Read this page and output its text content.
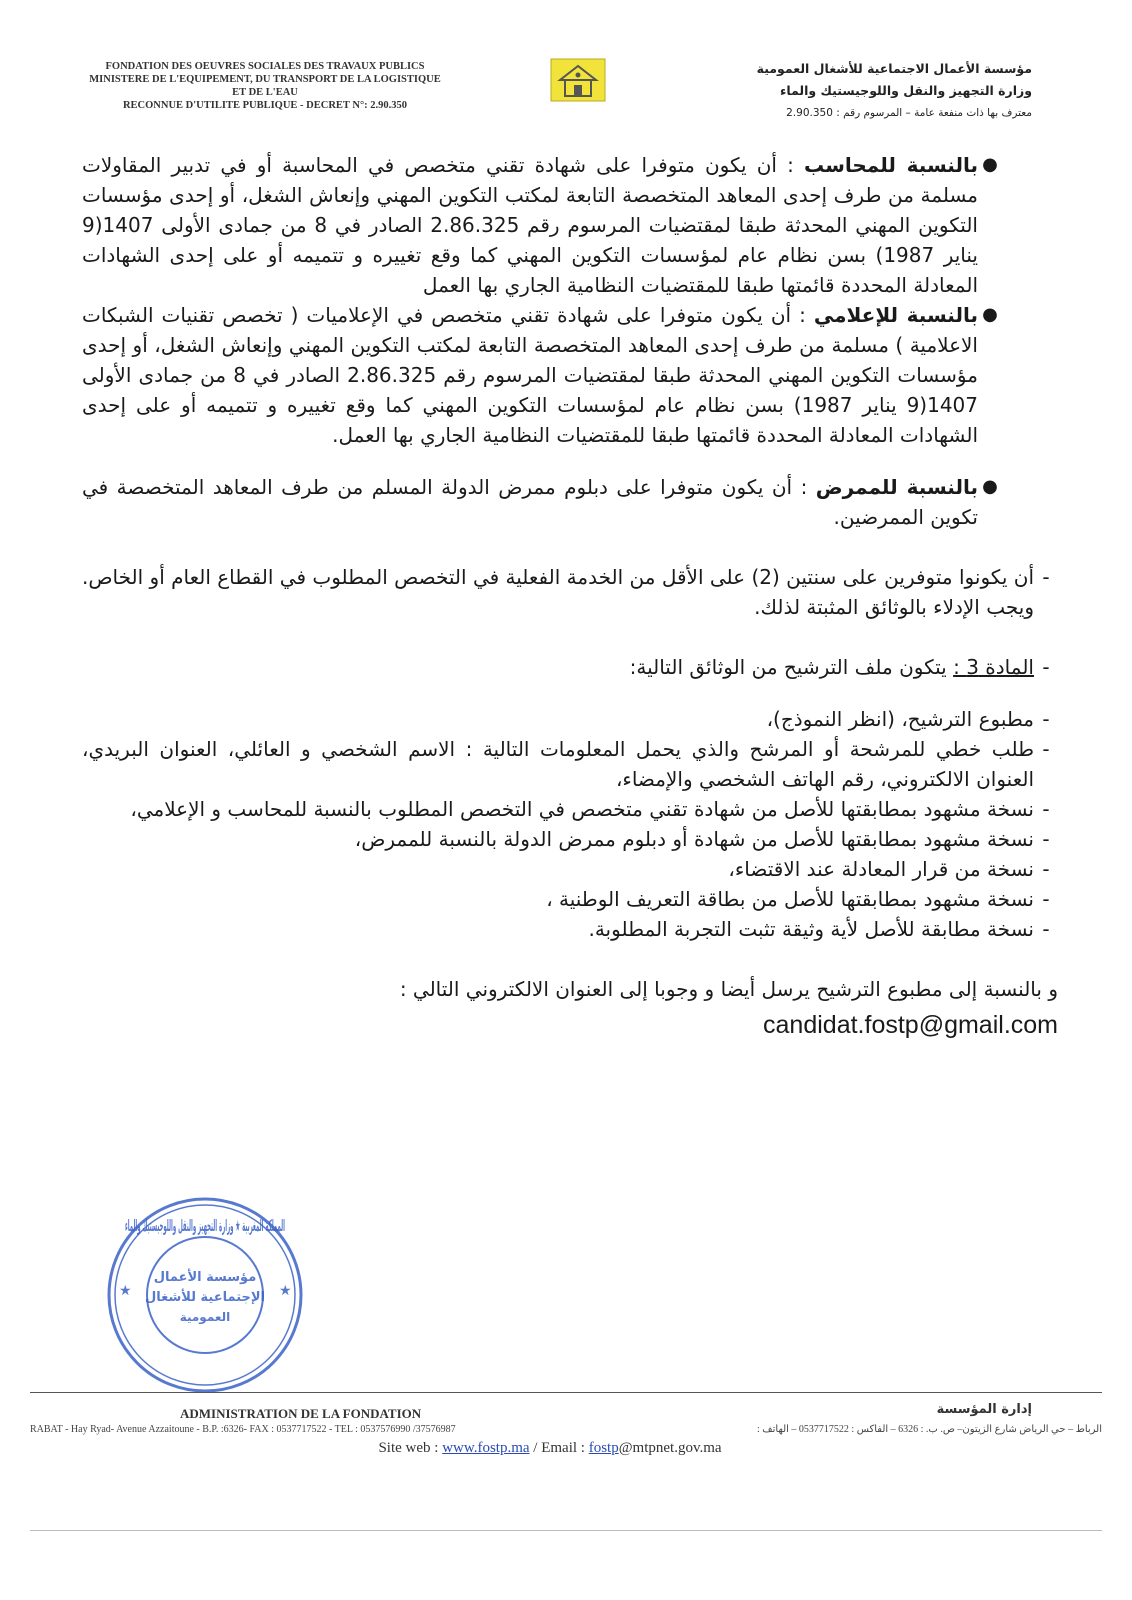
FONDATION DES OEUVRES SOCIALES DES TRAVAUX PUBLICS
MINISTERE DE L'EQUIPEMENT, DU TRANSPORT DE LA LOGISTIQUE
ET DE L'EAU
RECONNUE D'UTILITE PUBLIQUE - DECRET N°: 2.90.350
مؤسسة الأعمال الاجتماعية للأشغال العمومية
وزارة التجهيز والنقل واللوجيستيك والماء
معترف بها ذات منفعة عامة – المرسوم رقم : 2.90.350
●
بالنسبة للمحاسب : أن يكون متوفرا على شهادة تقني متخصص في المحاسبة أو في تدبير المقاولات مسلمة من طرف إحدى المعاهد المتخصصة التابعة لمكتب التكوين المهني وإنعاش الشغل، أو إحدى مؤسسات التكوين المهني المحدثة طبقا لمقتضيات المرسوم رقم 2.86.325 الصادر في 8 من جمادى الأولى 1407(9 يناير 1987) بسن نظام عام لمؤسسات التكوين المهني كما وقع تغييره و تتميمه أو على إحدى الشهادات المعادلة المحددة قائمتها طبقا للمقتضيات النظامية الجاري بها العمل
●
بالنسبة للإعلامي : أن يكون متوفرا على شهادة تقني متخصص في الإعلاميات ( تخصص تقنيات الشبكات الاعلامية ) مسلمة من طرف إحدى المعاهد المتخصصة التابعة لمكتب التكوين المهني وإنعاش الشغل، أو إحدى مؤسسات التكوين المهني المحدثة طبقا لمقتضيات المرسوم رقم 2.86.325 الصادر في 8 من جمادى الأولى 1407(9 يناير 1987) بسن نظام عام لمؤسسات التكوين المهني كما وقع تغييره و تتميمه أو على إحدى الشهادات المعادلة المحددة قائمتها طبقا للمقتضيات النظامية الجاري بها العمل.
●
بالنسبة للممرض : أن يكون متوفرا على دبلوم ممرض الدولة المسلم من طرف المعاهد المتخصصة في تكوين الممرضين.
-
أن يكونوا متوفرين على سنتين (2) على الأقل من الخدمة الفعلية في التخصص المطلوب في القطاع العام أو الخاص. ويجب الإدلاء بالوثائق المثبتة لذلك.
-
المادة 3 : يتكون ملف الترشيح من الوثائق التالية:
-
مطبوع الترشيح، (انظر النموذج)،
-
طلب خطي للمرشحة أو المرشح والذي يحمل المعلومات التالية : الاسم الشخصي و العائلي، العنوان البريدي، العنوان الالكتروني، رقم الهاتف الشخصي والإمضاء،
-
نسخة مشهود بمطابقتها للأصل من شهادة تقني متخصص في التخصص المطلوب بالنسبة للمحاسب و الإعلامي،
-
نسخة مشهود بمطابقتها للأصل من شهادة أو دبلوم ممرض الدولة بالنسبة للممرض،
-
نسخة من قرار المعادلة عند الاقتضاء،
-
نسخة مشهود بمطابقتها للأصل من بطاقة التعريف الوطنية ،
-
نسخة مطابقة للأصل لأية وثيقة تثبت التجربة المطلوبة.
و بالنسبة إلى مطبوع الترشيح يرسل أيضا و وجوبا إلى العنوان الالكتروني التالي :
candidat.fostp@gmail.com
★	★
المملكة المغربية ★ وزارة التجهيز والنقل واللوجيستيك والماء
مؤسسة الأعمال
الإجتماعية للأشغال
العمومية
ADMINISTRATION DE LA FONDATION	إدارة المؤسسة
RABAT - Hay Ryad- Avenue Azzaitoune - B.P. :6326- FAX : 0537717522 - TEL : 0537576990 /37576987	الرباط – حي الرياض شارع الزيتون– ص. ب. : 6326 – الفاكس : 0537717522 – الهاتف :
Site web : www.fostp.ma / Email : fostp@mtpnet.gov.ma
